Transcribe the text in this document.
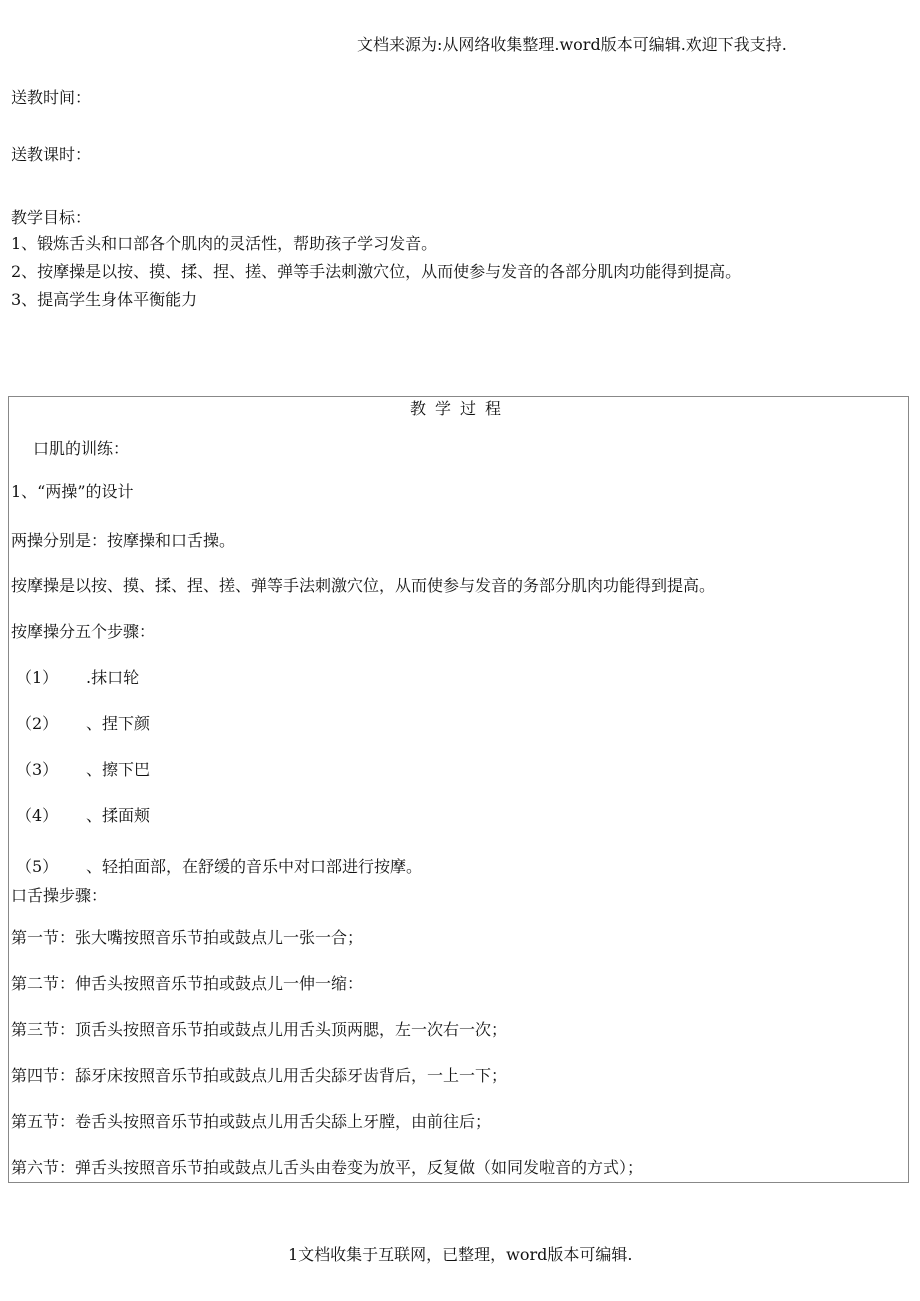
文档来源为:从网络收集整理.word版本可编辑.欢迎下我支持.
送教时间：
送教课时：
教学目标：
1、锻炼舌头和口部各个肌肉的灵活性，帮助孩子学习发音。
2、按摩操是以按、摸、揉、捏、搓、弹等手法刺激穴位，从而使参与发音的各部分肌肉功能得到提高。
3、提高学生身体平衡能力
教学过程
口肌的训练：
1、“两操”的设计
两操分别是：按摩操和口舌操。
按摩操是以按、摸、揉、捏、搓、弹等手法刺激穴位，从而使参与发音的务部分肌肉功能得到提高。
按摩操分五个步骤：
（1） .抹口轮
（2） 、捏下颜
（3） 、擦下巴
（4） 、揉面颊
（5） 、轻拍面部，在舒缓的音乐中对口部进行按摩。
口舌操步骤：
第一节：张大嘴按照音乐节拍或鼓点儿一张一合；
第二节：伸舌头按照音乐节拍或鼓点儿一伸一缩：
第三节：顶舌头按照音乐节拍或鼓点儿用舌头顶两腮，左一次右一次；
第四节：舔牙床按照音乐节拍或鼓点儿用舌尖舔牙齿背后，一上一下；
第五节：卷舌头按照音乐节拍或鼓点儿用舌尖舔上牙膛，由前往后；
第六节：弹舌头按照音乐节拍或鼓点儿舌头由卷变为放平，反复做（如同发啦音的方式）；
1文档收集于互联网，已整理，word版本可编辑.
